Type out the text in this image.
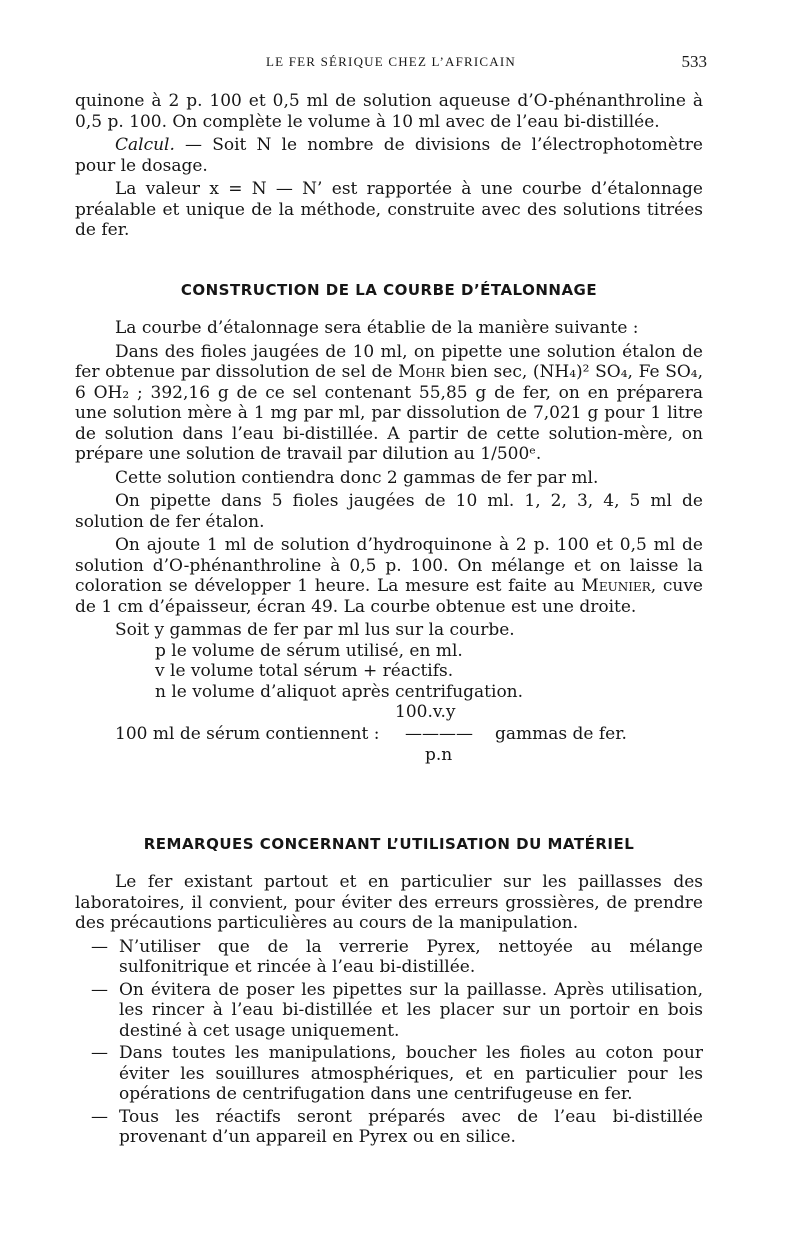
LE FER SÉRIQUE CHEZ L’AFRICAIN	533

quinone à 2 p. 100 et 0,5 ml de solution aqueuse d’O-phénanthroline à 0,5 p. 100. On complète le volume à 10 ml avec de l’eau bi-distillée.

Calcul. — Soit N le nombre de divisions de l’électrophotomètre pour le dosage.

La valeur x = N — N’ est rapportée à une courbe d’étalonnage préalable et unique de la méthode, construite avec des solutions titrées de fer.

CONSTRUCTION DE LA COURBE D’ÉTALONNAGE

La courbe d’étalonnage sera établie de la manière suivante :

Dans des fioles jaugées de 10 ml, on pipette une solution étalon de fer obtenue par dissolution de sel de Mohr bien sec, (NH₄)² SO₄, Fe SO₄, 6 OH₂ ; 392,16 g de ce sel contenant 55,85 g de fer, on en préparera une solution mère à 1 mg par ml, par dissolution de 7,021 g pour 1 litre de solution dans l’eau bi-distillée. A partir de cette solution-mère, on prépare une solution de travail par dilution au 1/500ᵉ.

Cette solution contiendra donc 2 gammas de fer par ml.

On pipette dans 5 fioles jaugées de 10 ml. 1, 2, 3, 4, 5 ml de solution de fer étalon.

On ajoute 1 ml de solution d’hydroquinone à 2 p. 100 et 0,5 ml de solution d’O-phénanthroline à 0,5 p. 100. On mélange et on laisse la coloration se développer 1 heure. La mesure est faite au Meunier, cuve de 1 cm d’épaisseur, écran 49. La courbe obtenue est une droite.

Soit y gammas de fer par ml lus sur la courbe.

p le volume de sérum utilisé, en ml.

v le volume total sérum + réactifs.

n le volume d’aliquot après centrifugation.

100.v.y
100 ml de sérum contiennent : ———— gammas de fer.
p.n
REMARQUES CONCERNANT L’UTILISATION DU MATÉRIEL

Le fer existant partout et en particulier sur les paillasses des laboratoires, il convient, pour éviter des erreurs grossières, de prendre des précautions particulières au cours de la manipulation.

— N’utiliser que de la verrerie Pyrex, nettoyée au mélange sulfonitrique et rincée à l’eau bi-distillée.
— On évitera de poser les pipettes sur la paillasse. Après utilisation, les rincer à l’eau bi-distillée et les placer sur un portoir en bois destiné à cet usage uniquement.
— Dans toutes les manipulations, boucher les fioles au coton pour éviter les souillures atmosphériques, et en particulier pour les opérations de centrifugation dans une centrifugeuse en fer.
— Tous les réactifs seront préparés avec de l’eau bi-distillée provenant d’un appareil en Pyrex ou en silice.
